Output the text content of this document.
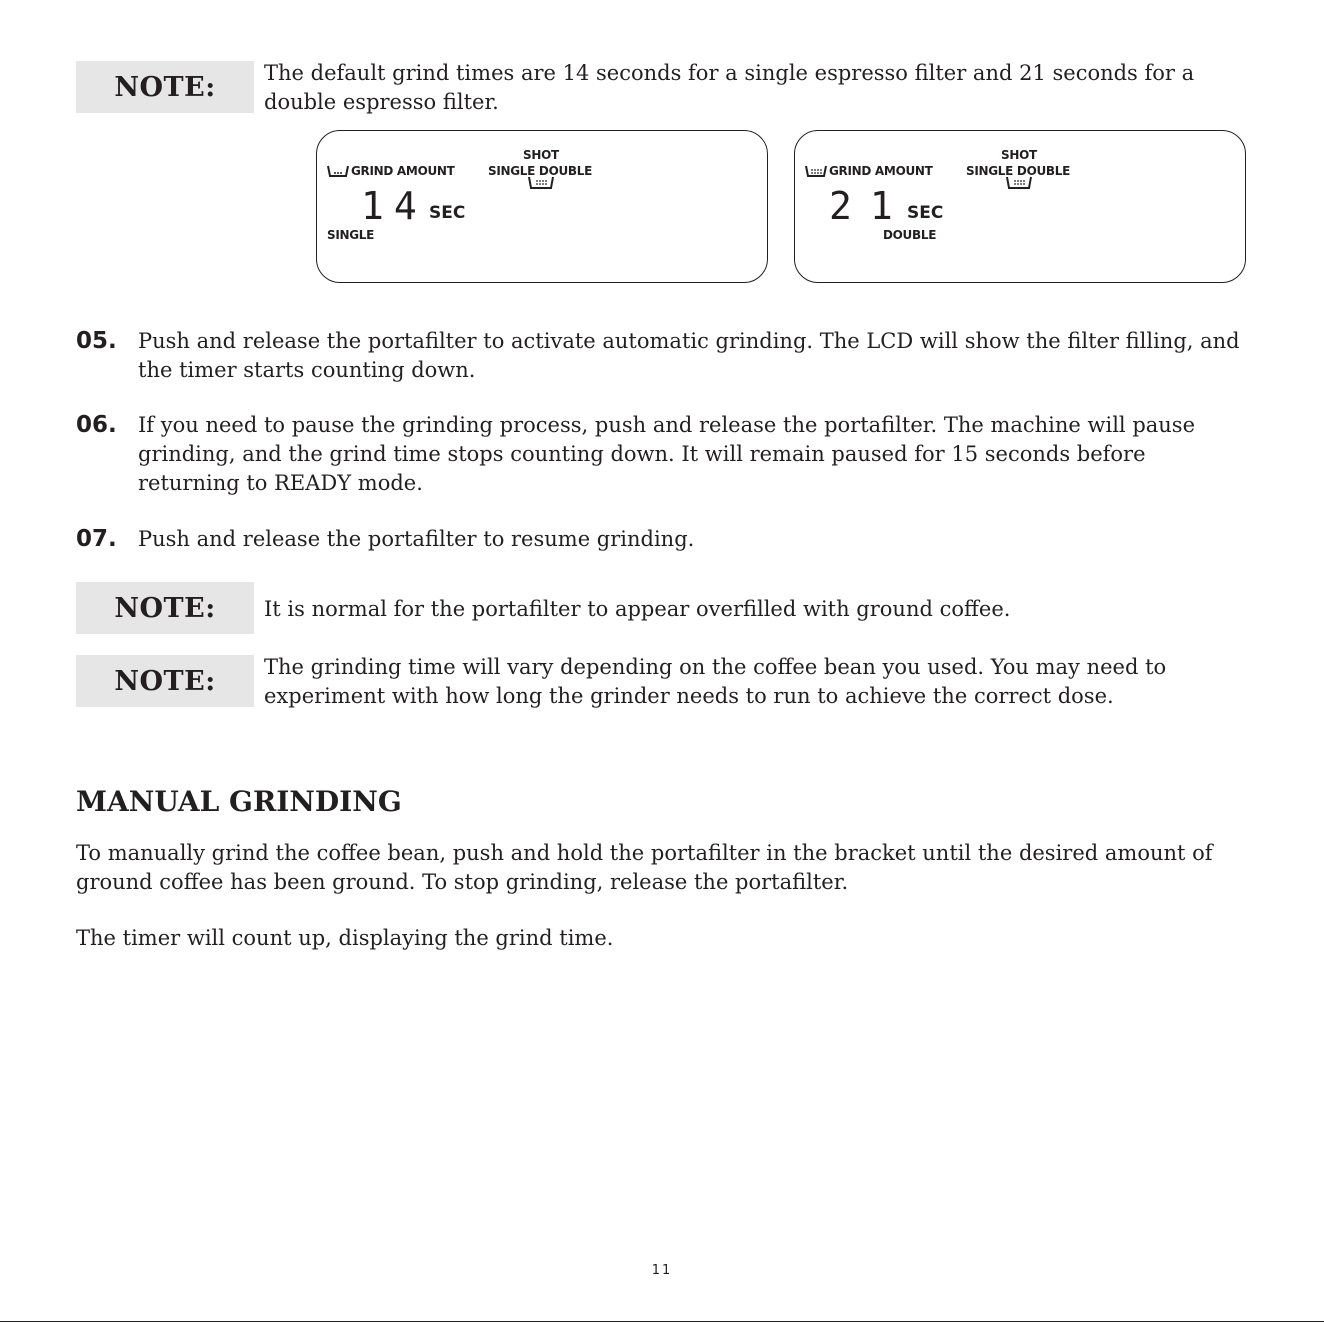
NOTE:	The default grind times are 14 seconds for a single espresso filter and 21 seconds for a double espresso filter.
GRIND AMOUNT
SHOT
SINGLE DOUBLE
14 SEC
SINGLE
GRIND AMOUNT
SHOT
SINGLE DOUBLE
21
SEC
DOUBLE
05. Push and release the portafilter to activate automatic grinding. The LCD will show the filter filling, and the timer starts counting down.
06. If you need to pause the grinding process, push and release the portafilter. The machine will pause grinding, and the grind time stops counting down. It will remain paused for 15 seconds before returning to READY mode.
07. Push and release the portafilter to resume grinding.
NOTE:	It is normal for the portafilter to appear overfilled with ground coffee.
NOTE:	The grinding time will vary depending on the coffee bean you used. You may need to experiment with how long the grinder needs to run to achieve the correct dose.
MANUAL GRINDING
To manually grind the coffee bean, push and hold the portafilter in the bracket until the desired amount of ground coffee has been ground. To stop grinding, release the portafilter.
The timer will count up, displaying the grind time.
11
